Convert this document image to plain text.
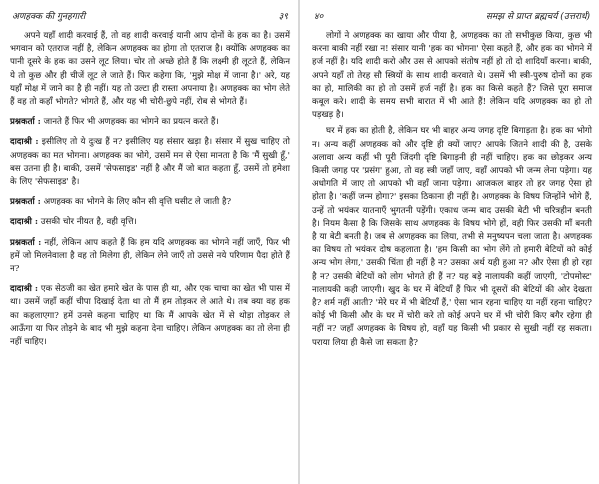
अणहक्क की गुनहगारी	३९

अपने यहाँ शादी करवाई हैं, तो वह शादी करवाई यानी आप दोनों के हक का है। उसमें भगवान को एतराज नहीं है, लेकिन अणहक्क का होगा तो एतराज है। क्योंकि अणहक्क का पानी दूसरे के हक का उसने लूट लिया। चोर तो अच्छे होते हैं कि लक्ष्मी ही लूटते हैं, लेकिन ये तो कुछ और ही चीजें लूट ले जाते हैं। फिर कहेगा कि, 'मुझे मोक्ष में जाना है।' अरे, यह यहाँ मोक्ष में जाने का है ही नहीं। यह तो उल्टा ही रास्ता अपनाया है। अणहक्क का भोग लेते हैं वह तो कहाँ भोगते? भोगते हैं, और यह भी चोरी-छुपे नहीं, रोब से भोगते हैं।

प्रश्नकर्ता : जानते हैं फिर भी अणहक्क का भोगने का प्रयत्न करते हैं।

दादाश्री : इसीलिए तो ये दुःख हैं न? इसीलिए यह संसार खड़ा है। संसार में सुख चाहिए तो अणहक्क का मत भोगना। अणहक्क का भोगे, उसमें मन से ऐसा मानता है कि 'मैं सुखी हूँ,' बस उतना ही है। बाकी, उसमें 'सेफसाइड' नहीं है और मैं जो बात कहता हूँ, उसमें तो हमेशा के लिए 'सेफसाइड' है।

प्रश्नकर्ता : अणहक्क का भोगने के लिए कौन सी वृत्ति घसीट ले जाती है?

दादाश्री : उसकी चोर नीयत है, वही वृत्ति।

प्रश्नकर्ता : नहीं, लेकिन आप कहते हैं कि हम यदि अणहक्क का भोगने नहीं जाएँ, फिर भी हमें जो मिलनेवाला है वह तो मिलेगा ही, लेकिन लेने जाएँ तो उससे नये परिणाम पैदा होते हैं न?

दादाश्री : एक सेठजी का खेत हमारे खेत के पास ही था, और एक चाचा का खेत भी पास में था। उसमें जहाँ कहीं चीपा दिखाई देता था तो मैं हम तोड़कर ले आते थे। तब क्या वह हक का कहलाएगा? हमें उनसे कहना चाहिए था कि मैं आपके खेत में से थोड़ा तोड़कर ले आऊँगा या फिर तोड़ने के बाद भी मुझे कहना देना चाहिए। लेकिन अणहक्क का तो लेना ही नहीं चाहिए।

४०	समझ से प्राप्त ब्रह्मचर्य (उत्तरार्ध)

लोगों ने अणहक्क का खाया और पीया है, अणहक्क का तो सभीकुछ किया, कुछ भी करना बाकी नहीं रखा न! संसार यानी 'हक का भोगना' ऐसा कहते हैं, और हक का भोगने में हर्ज नहीं है। यदि शादी करो और उस से आपको संतोष नहीं हो तो दो शादियाँ करना। बाकी, अपने यहाँ तो तेरह सौ स्त्रियों के साथ शादी करवाते थे। उसमें भी स्त्री-पुरुष दोनों का हक का हो, मालिकी का हो तो उसमें हर्ज नहीं है। हक का किसे कहते हैं? जिसे पूरा समाज कबूल करे। शादी के समय सभी बारात में भी आते हैं! लेकिन यदि अणहक्क का हो तो पड़खड़ है।

घर में हक का होती है, लेकिन घर भी बाहर अन्य जगह दृष्टि बिगाड़ता है। हक का भोगो न। अन्य कहीं अणहक्क को और दृष्टि ही क्यों जाए? आपके जितने शादी की है, उसके अलावा अन्य कहीं भी पूरी जिंदगी दृष्टि बिगाड़नी ही नहीं चाहिए। हक का छोड़कर अन्य किसी जगह पर 'प्रसंग' हुआ, तो वह स्त्री जहाँ जाए, वहाँ आपको भी जन्म लेना पड़ेगा। यह अधोगति में जाए तो आपको भी वहाँ जाना पड़ेगा। आजकल बाहर तो हर जगह ऐसा हो होता है। 'कहीं जन्म होगा?' इसका ठिकाना ही नहीं है। अणहक्क के विषय जिन्होंने भोगे हैं, उन्हें तो भयंकर यातनाएँ भुगतनी पड़ेंगी। एकाध जन्म बाद उसकी बेटी भी चरित्रहीन बनती है। नियम कैसा है कि जिसके साथ अणहक्क के विषय भोगे हों, वही फिर उसकी माँ बनती है या बेटी बनती है। जब से अणहक्क का लिया, तभी से मनुष्यपन चला जाता है। अणहक्क का विषय तो भयंकर दोष कहलाता है। 'हम किसी का भोग लेंगे तो हमारी बेटियों को कोई अन्य भोग लेगा,' उसकी चिंता ही नहीं है न? उसका अर्थ यही हुआ न? और ऐसा ही हो रहा है न? उसकी बेटियों को लोग भोगते ही हैं न? यह बड़े नालायकी कहीं जाएगी, 'टोपमोस्ट' नालायकी कही जाएगी। खुद के घर में बेटियाँ हैं फिर भी दूसरों की बेटियों की ओर देखता है? शर्म नहीं आती? 'मेरे घर में भी बेटियाँ हैं,' ऐसा भान रहना चाहिए या नहीं रहना चाहिए? कोई भी किसी और के घर में चोरी करे तो कोई अपने घर में भी चोरी किए बगैर रहेगा ही नहीं न? जहाँ अणहक्क के विषय हो, वहाँ यह किसी भी प्रकार से सुखी नहीं रह सकता। पराया लिया ही कैसे जा सकता है?
